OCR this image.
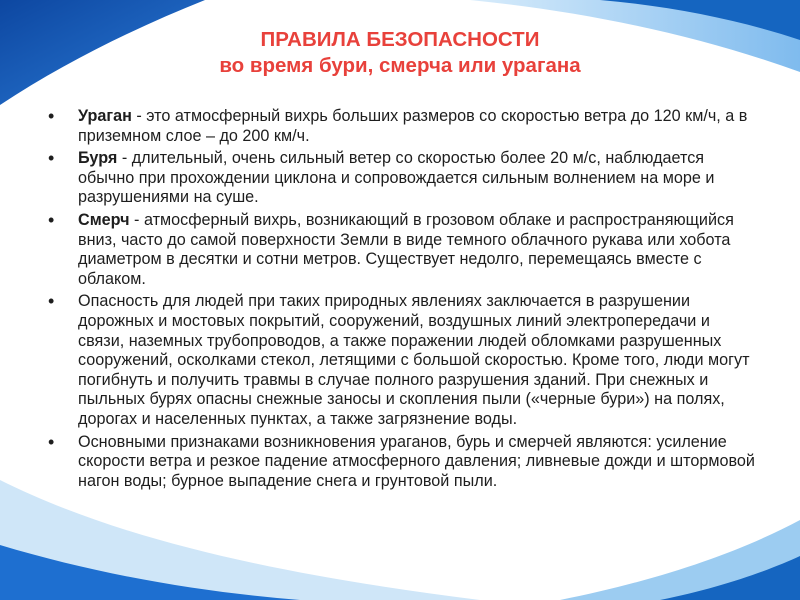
ПРАВИЛА БЕЗОПАСНОСТИ
во время бури, смерча или урагана
• Ураган - это атмосферный вихрь больших размеров со скоростью ветра до 120 км/ч, а в приземном слое – до 200 км/ч.
• Буря - длительный, очень сильный ветер со скоростью более 20 м/с, наблюдается обычно при прохождении циклона и сопровождается сильным волнением на море и разрушениями на суше.
• Смерч - атмосферный вихрь, возникающий в грозовом облаке и распространяющийся вниз, часто до самой поверхности Земли в виде темного облачного рукава или хобота диаметром в десятки и сотни метров. Существует недолго, перемещаясь вместе с облаком.
• Опасность для людей при таких природных явлениях заключается в разрушении дорожных и мостовых покрытий, сооружений, воздушных линий электропередачи и связи, наземных трубопроводов, а также поражении людей обломками разрушенных сооружений, осколками стекол, летящими с большой скоростью. Кроме того, люди могут погибнуть и получить травмы в случае полного разрушения зданий. При снежных и пыльных бурях опасны снежные заносы и скопления пыли («черные бури») на полях, дорогах и населенных пунктах, а также загрязнение воды.
• Основными признаками возникновения ураганов, бурь и смерчей являются: усиление скорости ветра и резкое падение атмосферного давления; ливневые дожди и штормовой нагон воды; бурное выпадение снега и грунтовой пыли.
